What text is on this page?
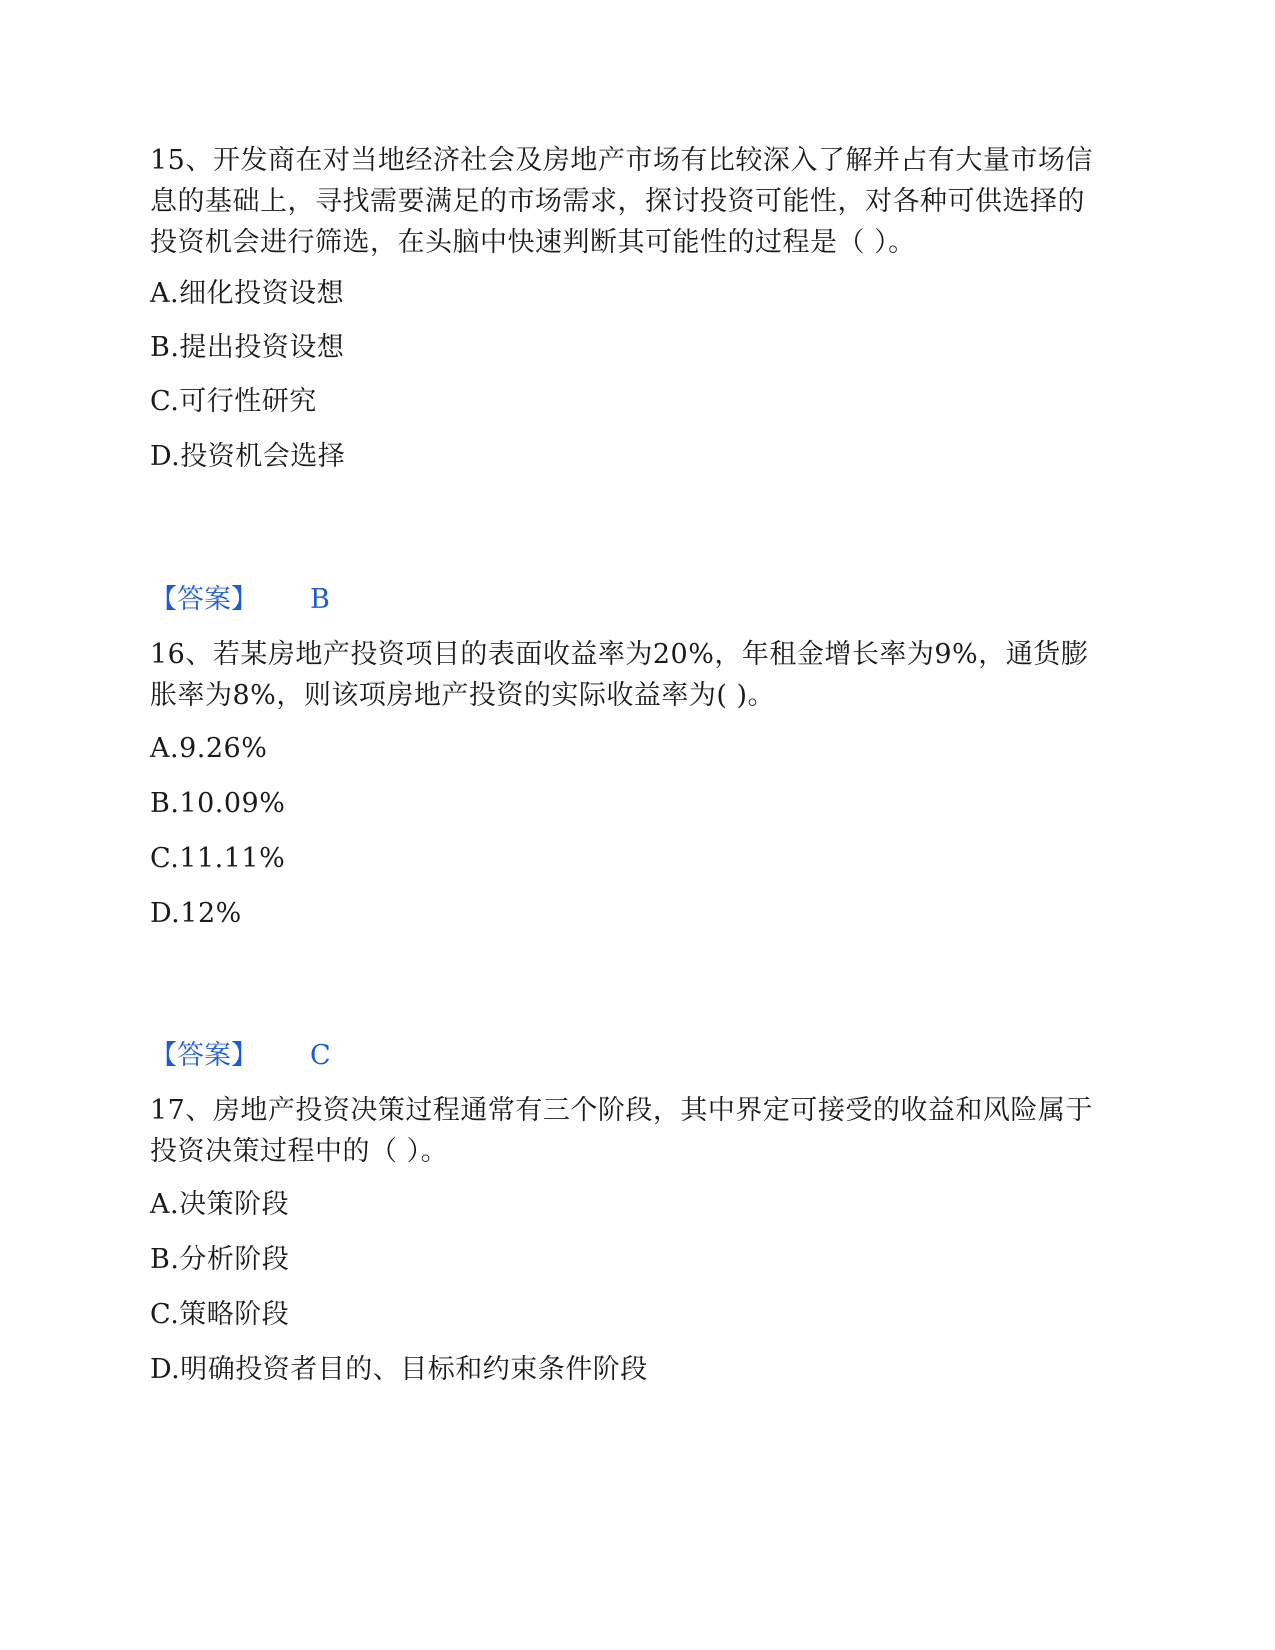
15、开发商在对当地经济社会及房地产市场有比较深入了解并占有大量市场信息的基础上，寻找需要满足的市场需求，探讨投资可能性，对各种可供选择的投资机会进行筛选，在头脑中快速判断其可能性的过程是（ ）。

A.细化投资设想

B.提出投资设想

C.可行性研究

D.投资机会选择

【答案】 B

16、若某房地产投资项目的表面收益率为20%，年租金增长率为9%，通货膨胀率为8%，则该项房地产投资的实际收益率为( )。

A.9.26%

B.10.09%

C.11.11%

D.12%

【答案】 C

17、房地产投资决策过程通常有三个阶段，其中界定可接受的收益和风险属于投资决策过程中的（ ）。

A.决策阶段

B.分析阶段

C.策略阶段

D.明确投资者目的、目标和约束条件阶段
